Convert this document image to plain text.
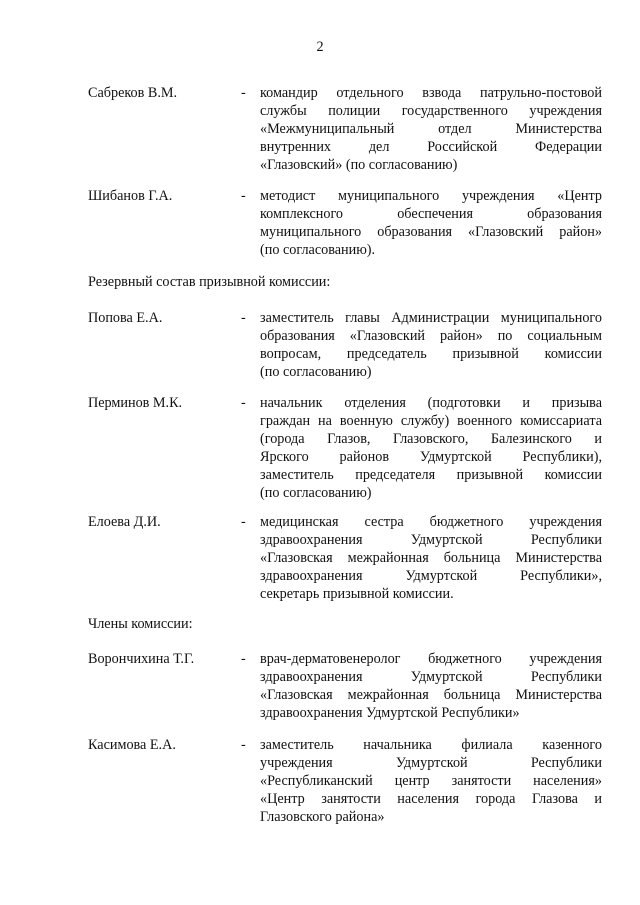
2
Сабреков В.М.	- командир отдельного взвода патрульно-постовой
службы полиции государственного учреждения
«Межмуниципальный отдел Министерства
внутренних дел Российской Федерации
«Глазовский» (по согласованию)
Шибанов Г.А.	- методист муниципального учреждения «Центр
комплексного обеспечения образования
муниципального образования «Глазовский район»
(по согласованию).
Резервный состав призывной комиссии:
Попова Е.А.	- заместитель главы Администрации муниципального
образования «Глазовский район» по социальным
вопросам, председатель призывной комиссии
(по согласованию)
Перминов М.К.	- начальник отделения (подготовки и призыва
граждан на военную службу) военного комиссариата
(города Глазов, Глазовского, Балезинского и
Ярского районов Удмуртской Республики),
заместитель председателя призывной комиссии
(по согласованию)
Елоева Д.И.	- медицинская сестра бюджетного учреждения
здравоохранения Удмуртской Республики
«Глазовская межрайонная больница Министерства
здравоохранения Удмуртской Республики»,
секретарь призывной комиссии.
Члены комиссии:
Ворончихина Т.Г.	- врач-дерматовенеролог бюджетного учреждения
здравоохранения Удмуртской Республики
«Глазовская межрайонная больница Министерства
здравоохранения Удмуртской Республики»
Касимова Е.А.	- заместитель начальника филиала казенного
учреждения Удмуртской Республики
«Республиканский центр занятости населения»
«Центр занятости населения города Глазова и
Глазовского района»
